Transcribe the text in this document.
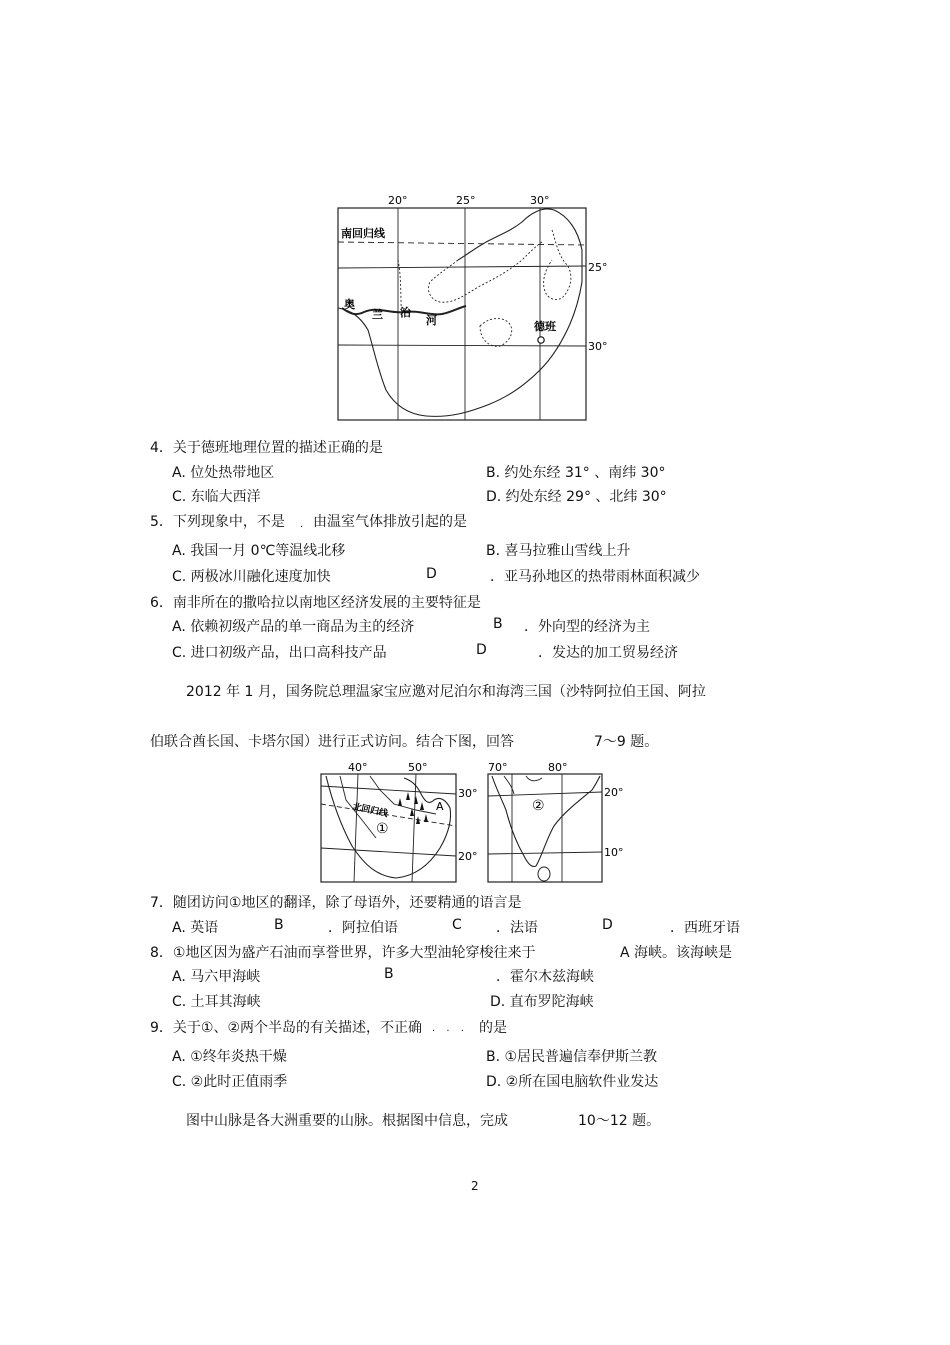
德班
南回归线
奥
兰 治
河
20°	25°	30°
25°
30°
4．关于德班地理位置的描述正确的是
A. 位处热带地区	B. 约处东经 31° 、南纬 30°
C. 东临大西洋	D. 约处东经 29° 、北纬 30°
5．下列现象中，不是 . 由温室气体排放引起的是
A. 我国一月 0℃等温线北移	B. 喜马拉雅山雪线上升
C. 两极冰川融化速度加快	D	．亚马孙地区的热带雨林面积减少
6．南非所在的撒哈拉以南地区经济发展的主要特征是
A. 依赖初级产品的单一商品为主的经济	B ．外向型的经济为主
C. 进口初级产品，出口高科技产品	D	．发达的加工贸易经济
2012 年 1 月，国务院总理温家宝应邀对尼泊尔和海湾三国（沙特阿拉伯王国、阿拉
伯联合酋长国、卡塔尔国）进行正式访问。结合下图，回答	7～9 题。
北回归线
①
A
40°	50°
30°
20°
②
70°	80°
20°
10°
7．随团访问①地区的翻译，除了母语外，还要精通的语言是
A. 英语	B	．阿拉伯语	C ．法语	D	．西班牙语
8．①地区因为盛产石油而享誉世界，许多大型油轮穿梭往来于	A 海峡。该海峡是
A. 马六甲海峡	B	．霍尔木兹海峡
C. 土耳其海峡	D. 直布罗陀海峡
9．关于①、②两个半岛的有关描述，不正确 . . . 的是
A. ①终年炎热干燥	B. ①居民普遍信奉伊斯兰教
C. ②此时正值雨季	D. ②所在国电脑软件业发达
图中山脉是各大洲重要的山脉。根据图中信息，完成	10～12 题。
2
